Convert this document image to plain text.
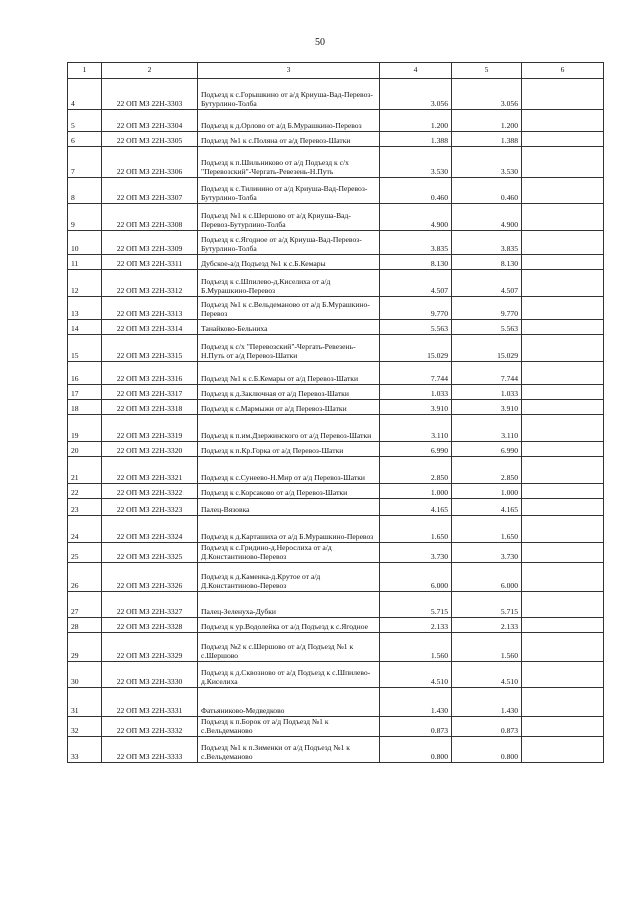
50
1	2	3	4	5	6
4	22 ОП МЗ 22Н-3303	Подъезд к с.Горышкино от а/д Криуша-Вад-Перевоз-Бутурлино-Толба	3.056	3.056	
5	22 ОП МЗ 22Н-3304	Подъезд к д.Орлово от а/д Б.Мурашкино-Перевоз	1.200	1.200	
6	22 ОП МЗ 22Н-3305	Подъезд №1 к с.Поляна от а/д Перевоз-Шатки	1.388	1.388	
7	22 ОП МЗ 22Н-3306	Подъезд к п.Шильниково от а/д Подъезд к с/х "Перевозский"-Чергать-Ревезень-Н.Путь	3.530	3.530	
8	22 ОП МЗ 22Н-3307	Подъезд к с.Тилинино от а/д Криуша-Вад-Перевоз-Бутурлино-Толба	0.460	0.460	
9	22 ОП МЗ 22Н-3308	Подъезд №1 к с.Шершово от а/д Криуша-Вад-Перевоз-Бутурлино-Толба	4.900	4.900	
10	22 ОП МЗ 22Н-3309	Подъезд к с.Ягодное от а/д Криуша-Вад-Перевоз-Бутурлино-Толба	3.835	3.835	
11	22 ОП МЗ 22Н-3311	Дубское-а/д Подъезд №1 к с.Б.Кемары	8.130	8.130	
12	22 ОП МЗ 22Н-3312	Подъезд к с.Шпилево-д.Киселиха от а/д Б.Мурашкино-Перевоз	4.507	4.507	
13	22 ОП МЗ 22Н-3313	Подъезд №1 к с.Вельдеманово от а/д Б.Мурашкино-Перевоз	9.770	9.770	
14	22 ОП МЗ 22Н-3314	Танайково-Бельниха	5.563	5.563	
15	22 ОП МЗ 22Н-3315	Подъезд к с/х "Перевозский"-Чергать-Ревезень-Н.Путь от а/д Перевоз-Шатки	15.029	15.029	
16	22 ОП МЗ 22Н-3316	Подъезд №1 к с.Б.Кемары от а/д Перевоз-Шатки	7.744	7.744	
17	22 ОП МЗ 22Н-3317	Подъезд к д.Заключная от а/д Перевоз-Шатки	1.033	1.033	
18	22 ОП МЗ 22Н-3318	Подъезд к с.Мармыжи от а/д Перевоз-Шатки	3.910	3.910	
19	22 ОП МЗ 22Н-3319	Подъезд к п.им.Дзержинского от а/д Перевоз-Шатки	3.110	3.110	
20	22 ОП МЗ 22Н-3320	Подъезд к п.Кр.Горка от а/д Перевоз-Шатки	6.990	6.990	
21	22 ОП МЗ 22Н-3321	Подъезд к с.Сунеево-Н.Мир от а/д Перевоз-Шатки	2.850	2.850	
22	22 ОП МЗ 22Н-3322	Подъезд к с.Корсаково от а/д Перевоз-Шатки	1.000	1.000	
23	22 ОП МЗ 22Н-3323	Палец-Вязовка	4.165	4.165	
24	22 ОП МЗ 22Н-3324	Подъезд к д.Карташиха от а/д Б.Мурашкино-Перевоз	1.650	1.650	
25	22 ОП МЗ 22Н-3325	Подъезд к с.Гридино-д.Нерослиха от а/д Д.Константиново-Перевоз	3.730	3.730	
26	22 ОП МЗ 22Н-3326	Подъезд к д.Каменка-д.Крутое от а/д Д.Константиново-Перевоз	6.000	6.000	
27	22 ОП МЗ 22Н-3327	Палец-Зеленуха-Дубки	5.715	5.715	
28	22 ОП МЗ 22Н-3328	Подъезд к ур.Водолейка от а/д Подъезд к с.Ягодное	2.133	2.133	
29	22 ОП МЗ 22Н-3329	Подъезд №2 к с.Шершово от а/д Подъезд №1 к с.Шершово	1.560	1.560	
30	22 ОП МЗ 22Н-3330	Подъезд к д.Сквозново от а/д Подъезд к с.Шпилево-д.Киселиха	4.510	4.510	
31	22 ОП МЗ 22Н-3331	Фатьяниково-Медведково	1.430	1.430	
32	22 ОП МЗ 22Н-3332	Подъезд к п.Борок от а/д Подъезд №1 к с.Вельдеманово	0.873	0.873	
33	22 ОП МЗ 22Н-3333	Подъезд №1 к п.Зименки от а/д Подъезд №1 к с.Вельдеманово	0.800	0.800	
